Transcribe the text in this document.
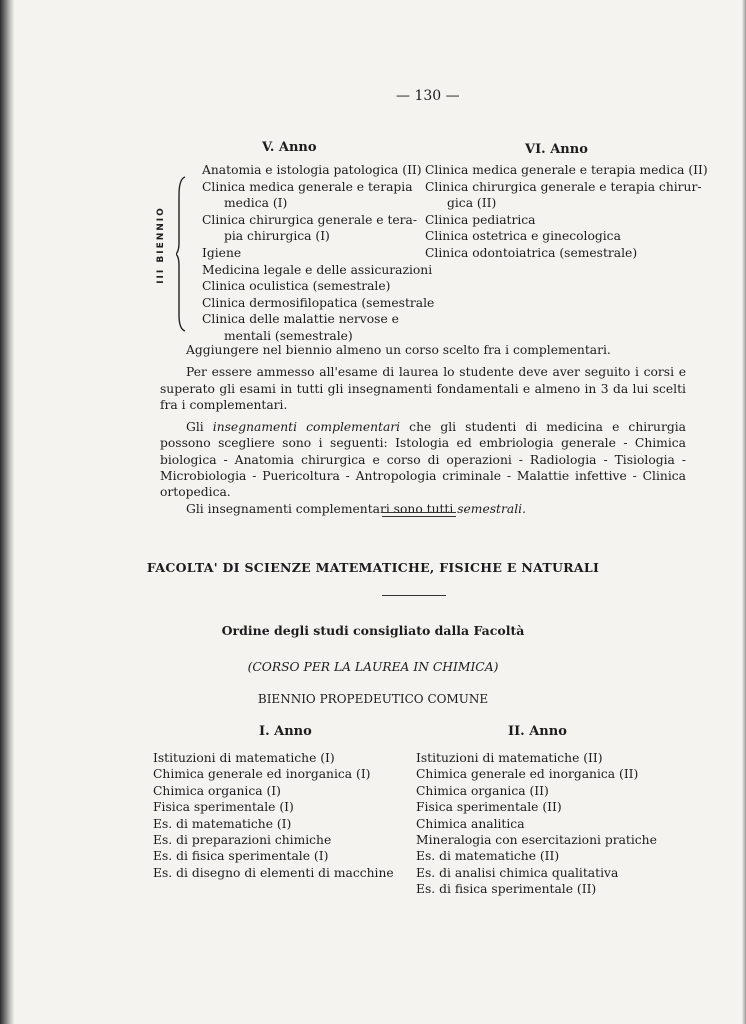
— 130 —
V. Anno	VI. Anno
III BIENNIO
Anatomia e istologia patologica (II)
Clinica medica generale e terapia
medica (I)
Clinica chirurgica generale e tera-
pia chirurgica (I)
Igiene
Medicina legale e delle assicurazioni
Clinica oculistica (semestrale)
Clinica dermosifilopatica (semestrale
Clinica delle malattie nervose e
mentali (semestrale)
Clinica medica generale e terapia medica (II)
Clinica chirurgica generale e terapia chirur-
gica (II)
Clinica pediatrica
Clinica ostetrica e ginecologica
Clinica odontoiatrica (semestrale)

Aggiungere nel biennio almeno un corso scelto fra i complementari.

Per essere ammesso all'esame di laurea lo studente deve aver seguito i corsi e superato gli esami in tutti gli insegnamenti fondamentali e almeno in 3 da lui scelti fra i complementari.

Gli insegnamenti complementari che gli studenti di medicina e chirurgia possono scegliere sono i seguenti: Istologia ed embriologia generale - Chimica biologica - Anatomia chirurgica e corso di operazioni - Radiologia - Tisiologia - Microbiologia - Puericoltura - Antropologia criminale - Malattie infettive - Clinica ortopedica.

Gli insegnamenti complementari sono tutti semestrali.

FACOLTA' DI SCIENZE MATEMATICHE, FISICHE E NATURALI
Ordine degli studi consigliato dalla Facoltà
(CORSO PER LA LAUREA IN CHIMICA)
BIENNIO PROPEDEUTICO COMUNE
I. Anno	II. Anno
Istituzioni di matematiche (I)
Chimica generale ed inorganica (I)
Chimica organica (I)
Fisica sperimentale (I)
Es. di matematiche (I)
Es. di preparazioni chimiche
Es. di fisica sperimentale (I)
Es. di disegno di elementi di macchine
Istituzioni di matematiche (II)
Chimica generale ed inorganica (II)
Chimica organica (II)
Fisica sperimentale (II)
Chimica analitica
Mineralogia con esercitazioni pratiche
Es. di matematiche (II)
Es. di analisi chimica qualitativa
Es. di fisica sperimentale (II)
